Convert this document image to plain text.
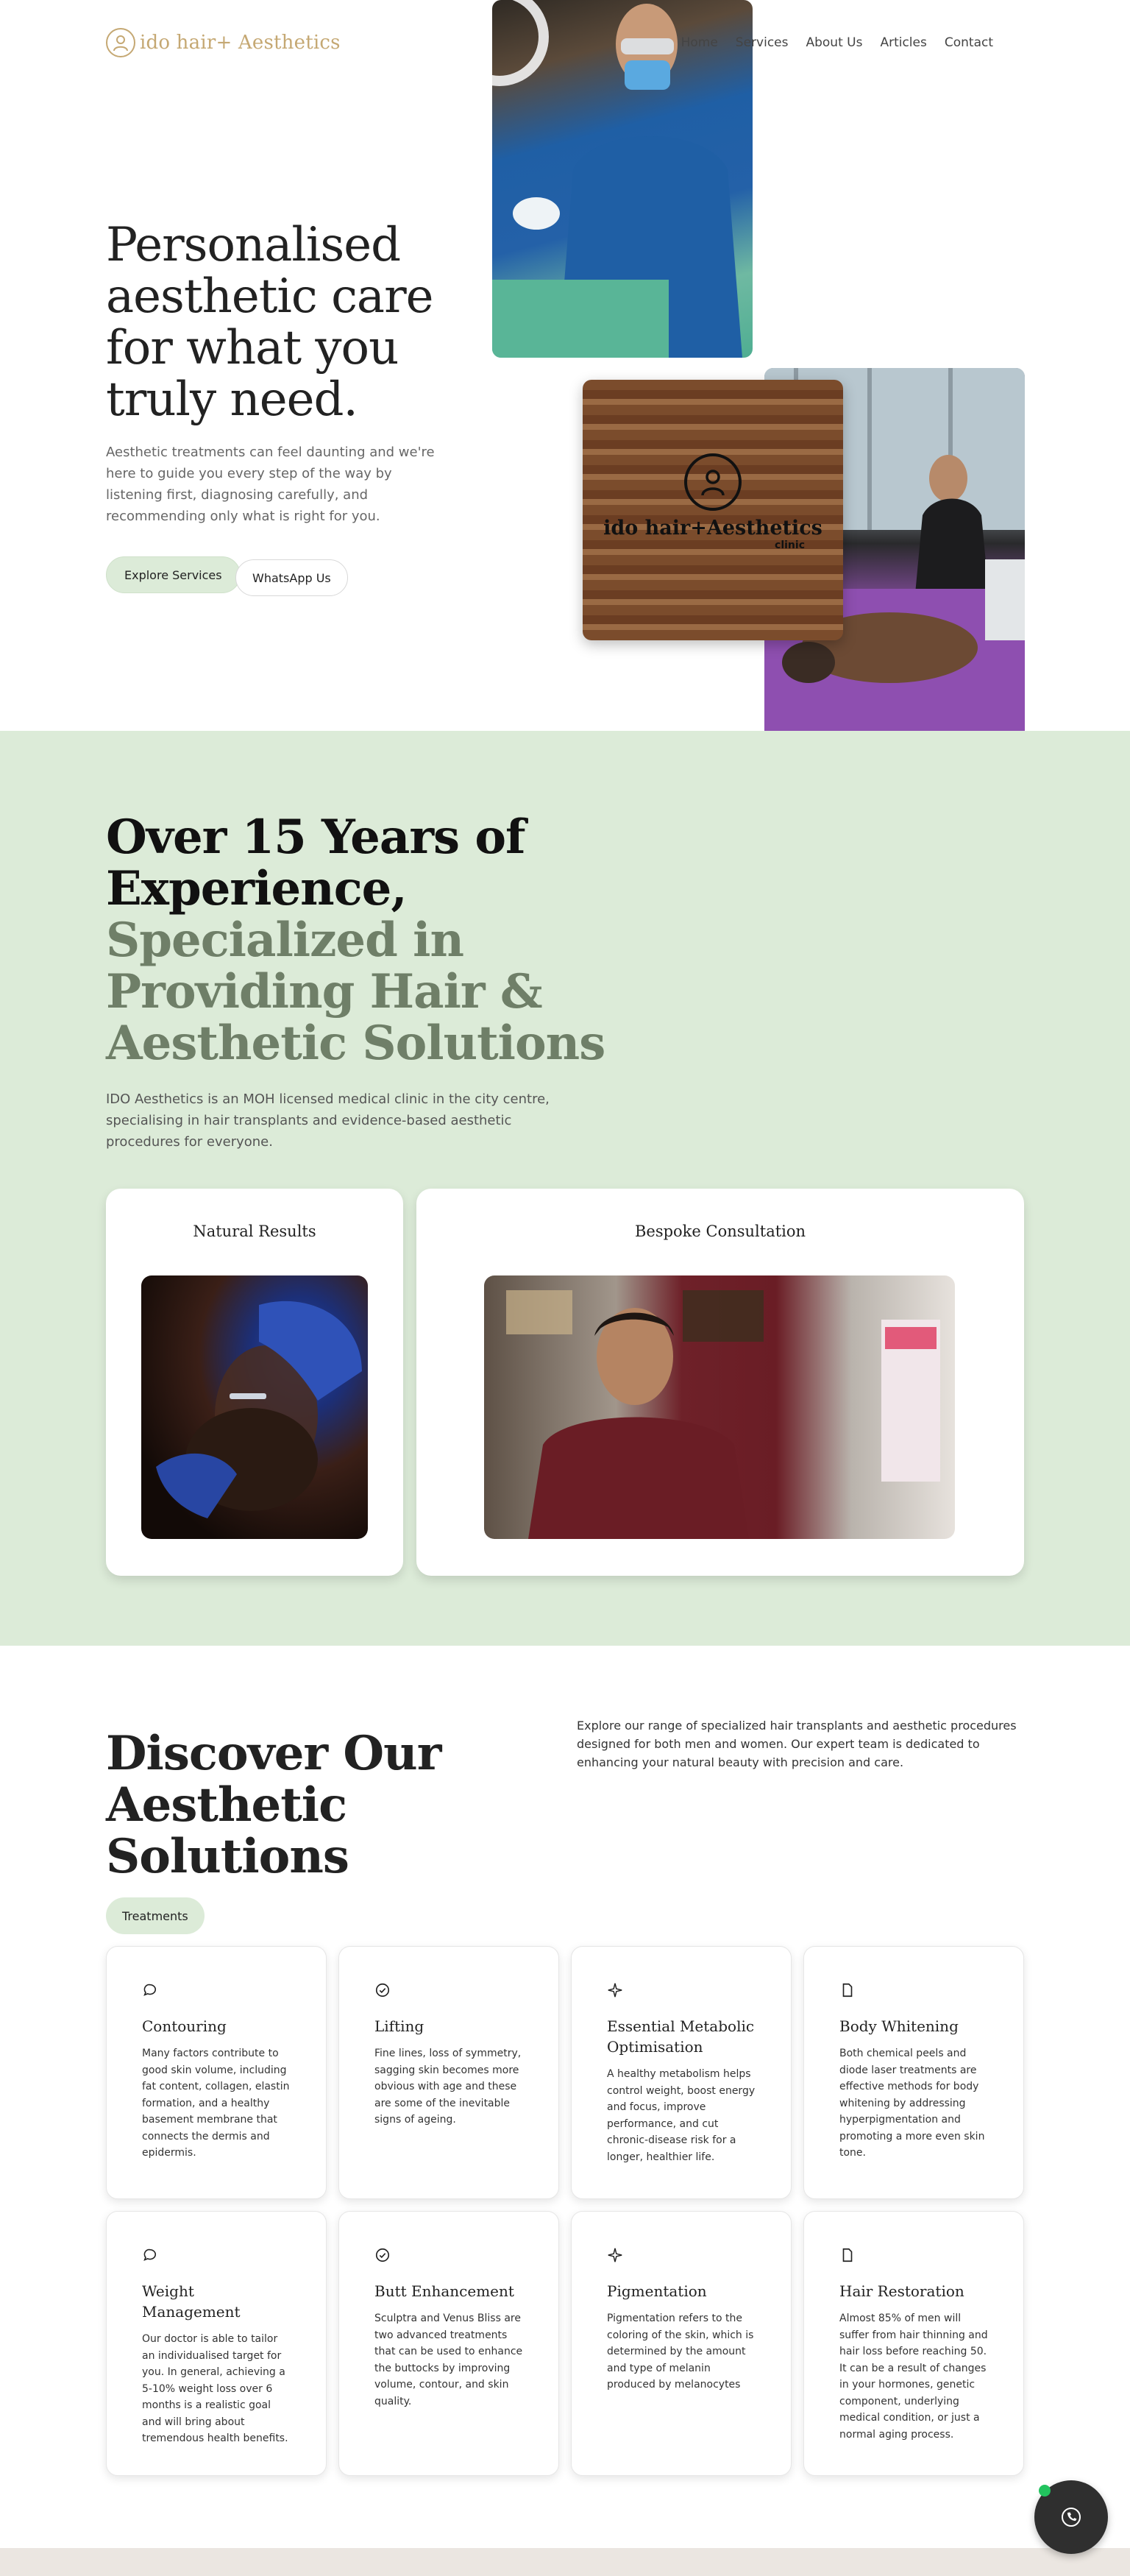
ido hair+ Aesthetics	Home Services About Us Articles Contact
Personalised aesthetic care for what you truly need.

Aesthetic treatments can feel daunting and we're here to guide you every step of the way by listening first, diagnosing carefully, and recommending only what is right for you.

Explore Services	WhatsApp Us
ido hair+Aesthetics
clinic
Over 15 Years of Experience, Specialized in Providing Hair & Aesthetic Solutions

IDO Aesthetics is an MOH licensed medical clinic in the city centre, specialising in hair transplants and evidence-based aesthetic procedures for everyone.

Natural Results	Bespoke Consultation
Discover Our Aesthetic Solutions

Explore our range of specialized hair transplants and aesthetic procedures designed for both men and women. Our expert team is dedicated to enhancing your natural beauty with precision and care.

Treatments
Contouring

Many factors contribute to good skin volume, including fat content, collagen, elastin formation, and a healthy basement membrane that connects the dermis and epidermis.

Lifting

Fine lines, loss of symmetry, sagging skin becomes more obvious with age and these are some of the inevitable signs of ageing.

Essential Metabolic Optimisation

A healthy metabolism helps control weight, boost energy and focus, improve performance, and cut chronic-disease risk for a longer, healthier life.

Body Whitening

Both chemical peels and diode laser treatments are effective methods for body whitening by addressing hyperpigmentation and promoting a more even skin tone.

Weight Management

Our doctor is able to tailor an individualised target for you. In general, achieving a 5-10% weight loss over 6 months is a realistic goal and will bring about tremendous health benefits.

Butt Enhancement

Sculptra and Venus Bliss are two advanced treatments that can be used to enhance the buttocks by improving volume, contour, and skin quality.

Pigmentation

Pigmentation refers to the coloring of the skin, which is determined by the amount and type of melanin produced by melanocytes

Hair Restoration

Almost 85% of men will suffer from hair thinning and hair loss before reaching 50. It can be a result of changes in your hormones, genetic component, underlying medical condition, or just a normal aging process.
